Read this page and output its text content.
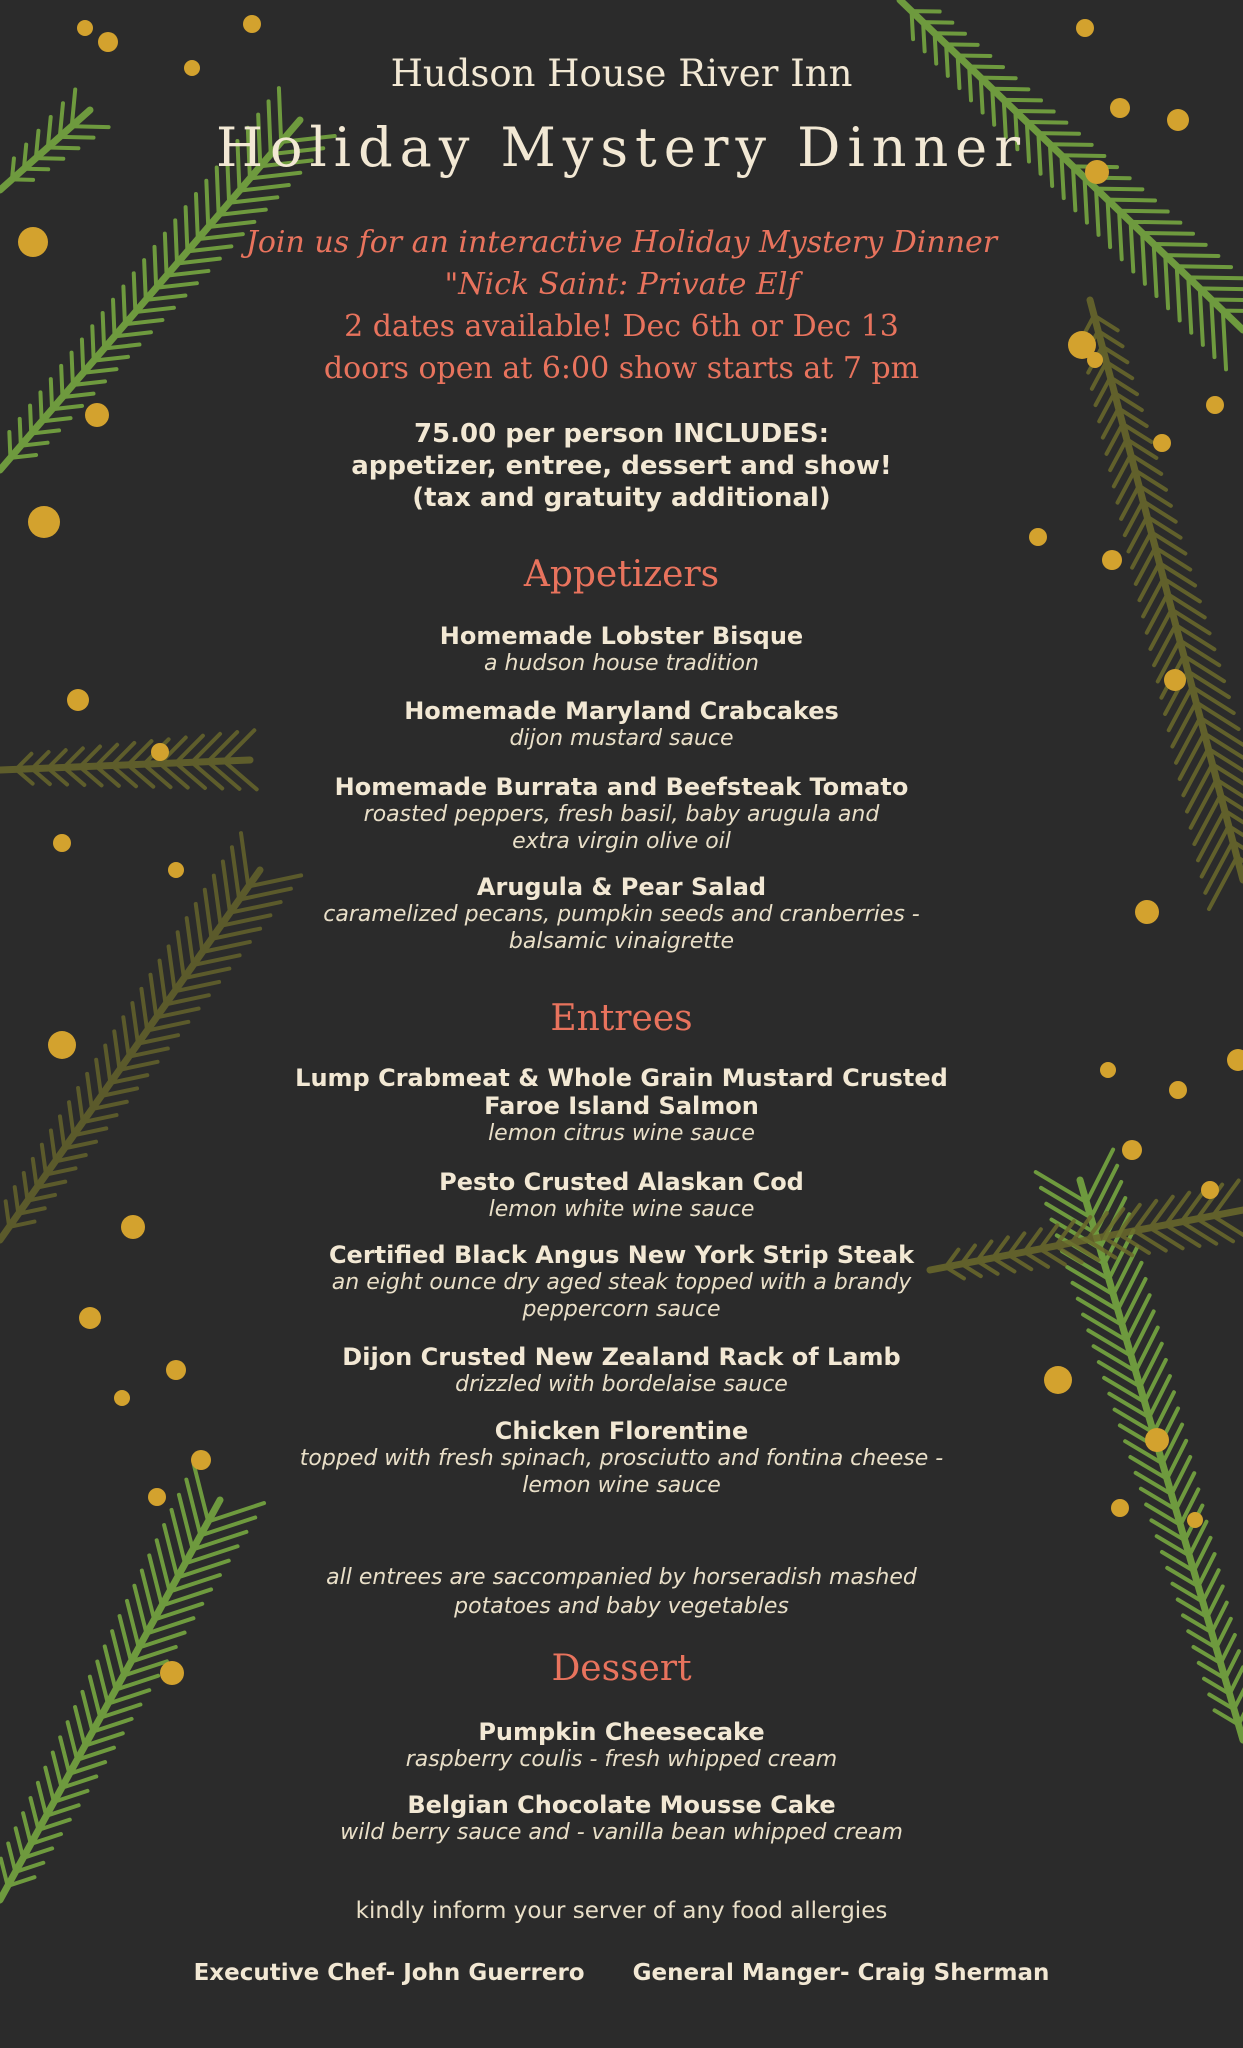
Hudson House River Inn
Holiday Mystery Dinner
Join us for an interactive Holiday Mystery Dinner
"Nick Saint: Private Elf
2 dates available! Dec 6th or Dec 13
doors open at 6:00 show starts at 7 pm
75.00 per person INCLUDES:
appetizer, entree, dessert and show!
(tax and gratuity additional)
Appetizers
Homemade Lobster Bisque
a hudson house tradition
Homemade Maryland Crabcakes
dijon mustard sauce
Homemade Burrata and Beefsteak Tomato
roasted peppers, fresh basil, baby arugula and
extra virgin olive oil
Arugula & Pear Salad
caramelized pecans, pumpkin seeds and cranberries -
balsamic vinaigrette
Entrees
Lump Crabmeat & Whole Grain Mustard Crusted
Faroe Island Salmon
lemon citrus wine sauce
Pesto Crusted Alaskan Cod
lemon white wine sauce
Certified Black Angus New York Strip Steak
an eight ounce dry aged steak topped with a brandy
peppercorn sauce
Dijon Crusted New Zealand Rack of Lamb
drizzled with bordelaise sauce
Chicken Florentine
topped with fresh spinach, prosciutto and fontina cheese -
lemon wine sauce
all entrees are saccompanied by horseradish mashed
potatoes and baby vegetables
Dessert
Pumpkin Cheesecake
raspberry coulis - fresh whipped cream
Belgian Chocolate Mousse Cake
wild berry sauce and - vanilla bean whipped cream
kindly inform your server of any food allergies
Executive Chef- John Guerrero General Manger- Craig Sherman
